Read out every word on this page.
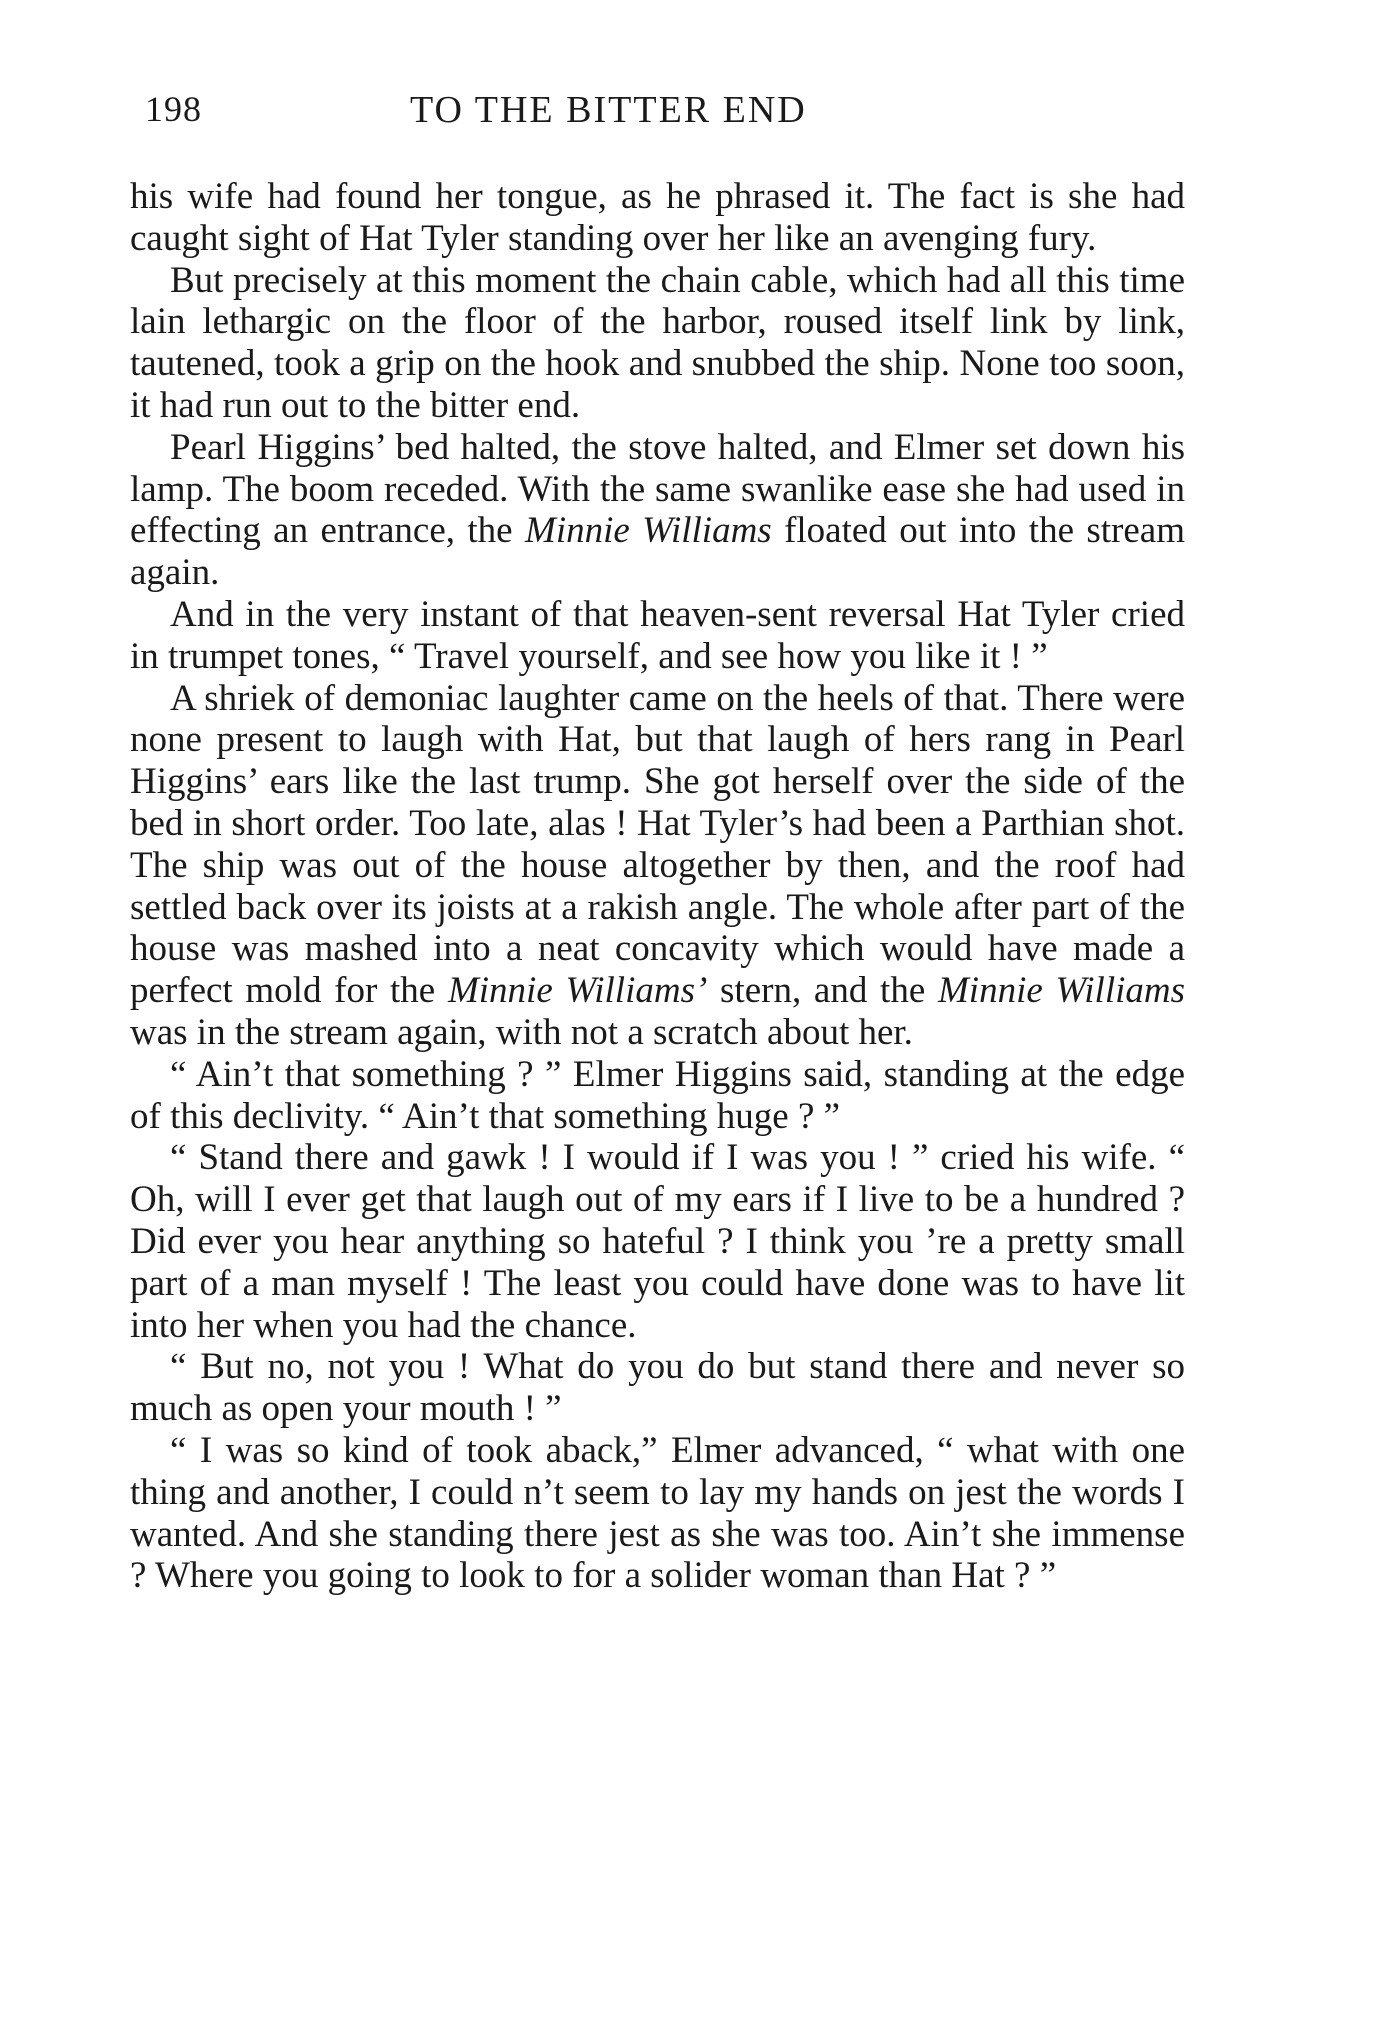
198	TO THE BITTER END

his wife had found her tongue, as he phrased it. The fact is she had caught sight of Hat Tyler standing over her like an avenging fury.

But precisely at this moment the chain cable, which had all this time lain lethargic on the floor of the harbor, roused itself link by link, tautened, took a grip on the hook and snubbed the ship. None too soon, it had run out to the bitter end.

Pearl Higgins’ bed halted, the stove halted, and Elmer set down his lamp. The boom receded. With the same swanlike ease she had used in effecting an entrance, the Minnie Williams floated out into the stream again.

And in the very instant of that heaven-sent reversal Hat Tyler cried in trumpet tones, “ Travel yourself, and see how you like it ! ”

A shriek of demoniac laughter came on the heels of that. There were none present to laugh with Hat, but that laugh of hers rang in Pearl Higgins’ ears like the last trump. She got herself over the side of the bed in short order. Too late, alas ! Hat Tyler’s had been a Parthian shot. The ship was out of the house altogether by then, and the roof had settled back over its joists at a rakish angle. The whole after part of the house was mashed into a neat concavity which would have made a perfect mold for the Minnie Williams’ stern, and the Minnie Williams was in the stream again, with not a scratch about her.

“ Ain’t that something ? ” Elmer Higgins said, standing at the edge of this declivity. “ Ain’t that something huge ? ”

“ Stand there and gawk ! I would if I was you ! ” cried his wife. “ Oh, will I ever get that laugh out of my ears if I live to be a hundred ? Did ever you hear anything so hateful ? I think you ’re a pretty small part of a man myself ! The least you could have done was to have lit into her when you had the chance.

“ But no, not you ! What do you do but stand there and never so much as open your mouth ! ”

“ I was so kind of took aback,” Elmer advanced, “ what with one thing and another, I could n’t seem to lay my hands on jest the words I wanted. And she standing there jest as she was too. Ain’t she immense ? Where you going to look to for a solider woman than Hat ? ”
